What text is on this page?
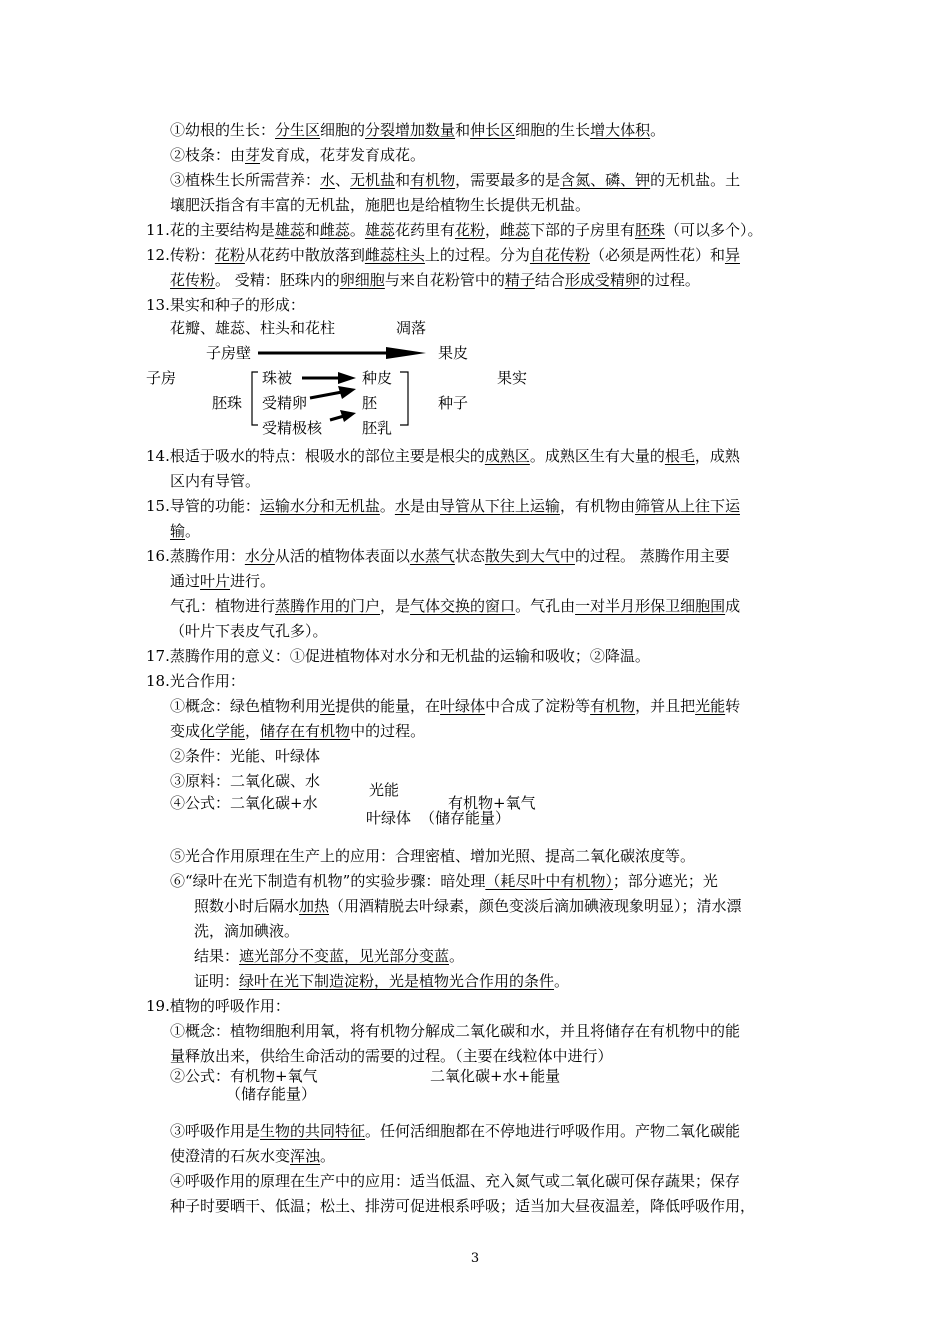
①幼根的生长：分生区细胞的分裂增加数量和伸长区细胞的生长增大体积。
②枝条：由芽发育成，花芽发育成花。
③植株生长所需营养：水、无机盐和有机物，需要最多的是含氮、磷、钾的无机盐。土
壤肥沃指含有丰富的无机盐，施肥也是给植物生长提供无机盐。
11.花的主要结构是雄蕊和雌蕊。雄蕊花药里有花粉，雌蕊下部的子房里有胚珠（可以多个）。
12.传粉：花粉从花药中散放落到雌蕊柱头上的过程。分为自花传粉（必须是两性花）和异
花传粉。 受精：胚珠内的卵细胞与来自花粉管中的精子结合形成受精卵的过程。
13.果实和种子的形成：
14.根适于吸水的特点：根吸水的部位主要是根尖的成熟区。成熟区生有大量的根毛，成熟
区内有导管。
15.导管的功能：运输水分和无机盐。水是由导管从下往上运输，有机物由筛管从上往下运
输。
16.蒸腾作用：水分从活的植物体表面以水蒸气状态散失到大气中的过程。 蒸腾作用主要
通过叶片进行。
气孔：植物进行蒸腾作用的门户，是气体交换的窗口。气孔由一对半月形保卫细胞围成
（叶片下表皮气孔多）。
17.蒸腾作用的意义：①促进植物体对水分和无机盐的运输和吸收；②降温。
18.光合作用：
①概念：绿色植物利用光提供的能量，在叶绿体中合成了淀粉等有机物，并且把光能转
变成化学能，储存在有机物中的过程。
②条件：光能、叶绿体
③原料：二氧化碳、水
⑤光合作用原理在生产上的应用：合理密植、增加光照、提高二氧化碳浓度等。
⑥“绿叶在光下制造有机物”的实验步骤：暗处理（耗尽叶中有机物）；部分遮光；光
照数小时后隔水加热（用酒精脱去叶绿素，颜色变淡后滴加碘液现象明显）；清水漂
洗，滴加碘液。
结果：遮光部分不变蓝，见光部分变蓝。
证明：绿叶在光下制造淀粉，光是植物光合作用的条件。
19.植物的呼吸作用：
①概念：植物细胞利用氧，将有机物分解成二氧化碳和水，并且将储存在有机物中的能
量释放出来，供给生命活动的需要的过程。（主要在线粒体中进行）
③呼吸作用是生物的共同特征。任何活细胞都在不停地进行呼吸作用。产物二氧化碳能
使澄清的石灰水变浑浊。
④呼吸作用的原理在生产中的应用：适当低温、充入氮气或二氧化碳可保存蔬果；保存
种子时要晒干、低温；松土、排涝可促进根系呼吸；适当加大昼夜温差，降低呼吸作用，
花瓣、雄蕊、柱头和花柱	凋落
子房壁	果皮
子房	果实
胚珠
珠被	种皮
受精卵	胚
受精极核	胚乳
种子
④公式：二氧化碳+水
光能
叶绿体
有机物+氧气
（储存能量）
②公式：有机物+氧气
（储存能量）
二氧化碳+水+能量
3
